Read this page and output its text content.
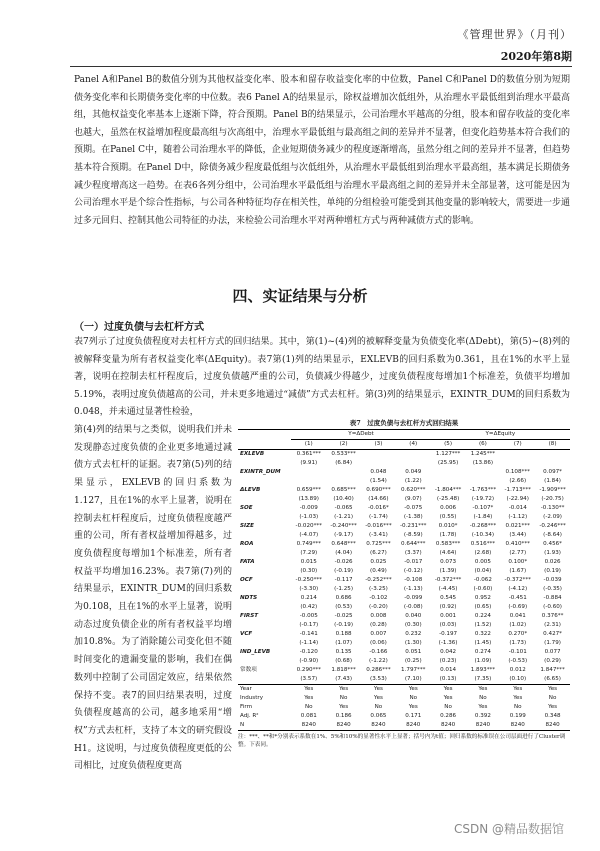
《管理世界》（月刊）
2020年第8期
Panel A和Panel B的数值分别为其他权益变化率、股本和留存收益变化率的中位数，Panel C和Panel D的数值分别为短期债务变化率和长期债务变化率的中位数。表6 Panel A的结果显示，除权益增加次低组外，从治理水平最低组到治理水平最高组，其他权益变化率基本上逐渐下降，符合预期。Panel B的结果显示，公司治理水平越高的分组，股本和留存收益的变化率也越大，虽然在权益增加程度最高组与次高组中，治理水平最低组与最高组之间的差异并不显著，但变化趋势基本符合我们的预期。在Panel C中，随着公司治理水平的降低，企业短期债务减少的程度逐渐增高，虽然分组之间的差异并不显著，但趋势基本符合预期。在Panel D中，除债务减少程度最低组与次低组外，从治理水平最低组到治理水平最高组，基本满足长期债务减少程度增高这一趋势。在表6各列分组中，公司治理水平最低组与治理水平最高组之间的差异并未全部显著，这可能是因为公司治理水平是个综合性指标，与公司各种特征均存在相关性，单纯的分组检验可能受到其他变量的影响较大，需要进一步通过多元回归、控制其他公司特征的办法，来检验公司治理水平对两种增杠方式与两种减债方式的影响。
四、实证结果与分析
（一）过度负债与去杠杆方式
表7列示了过度负债程度对去杠杆方式的回归结果。其中，第(1)~(4)列的被解释变量为负债变化率(ΔDebt)，第(5)~(8)列的被解释变量为所有者权益变化率(ΔEquity)。表7第(1)列的结果显示，EXLEVB的回归系数为0.361，且在1%的水平上显著，说明在控制去杠杆程度后，过度负债越严重的公司，负债减少得越少，过度负债程度每增加1个标准差，负债平均增加5.19%，表明过度负债越高的公司，并未更多地通过“减债”方式去杠杆。第(3)列的结果显示，EXINTR_DUM的回归系数为0.048，并未通过显著性检验，
第(4)列的结果与之类似，说明我们并未发现静态过度负债的企业更多地通过减债方式去杠杆的证据。表7第(5)列的结果显示，EXLEVB的回归系数为1.127，且在1%的水平上显著，说明在控制去杠杆程度后，过度负债程度越严重的公司，所有者权益增加得越多，过度负债程度每增加1个标准差，所有者权益平均增加16.23%。表7第(7)列的结果显示，EXINTR_DUM的回归系数为0.108，且在1%的水平上显著，说明动态过度负债企业的所有者权益平均增加10.8%。为了消除随公司变化但不随时间变化的遗漏变量的影响，我们在偶数列中控制了公司固定效应，结果依然保持不变。表7的回归结果表明，过度负债程度越高的公司，越多地采用“增权”方式去杠杆，支持了本文的研究假设H1。这说明，与过度负债程度更低的公司相比，过度负债程度更高
表7　过度负债与去杠杆方式回归结果
	Y=ΔDebt				Y=ΔEquity			
	(1)	(2)	(3)	(4)	(5)	(6)	(7)	(8)
EXLEVB	0.361***	0.533***			1.127***	1.245***		
	(9.91)	(6.84)			(25.95)	(13.86)		
EXINTR_DUM			0.048	0.049			0.108***	0.097*
			(1.54)	(1.22)			(2.66)	(1.84)
ΔLEVB	0.659***	0.685***	0.690***	0.620***	-1.804***	-1.763***	-1.713***	-1.909***
	(13.89)	(10.40)	(14.66)	(9.07)	(-25.48)	(-19.72)	(-22.94)	(-20.75)
SOE	-0.009	-0.065	-0.016*	-0.075	0.006	-0.107*	-0.014	-0.130**
	(-1.03)	(-1.21)	(-1.74)	(-1.38)	(0.55)	(-1.84)	(-1.12)	(-2.09)
SIZE	-0.020***	-0.240***	-0.016***	-0.231***	0.010*	-0.268***	0.021***	-0.246***
	(-4.07)	(-9.17)	(-3.41)	(-8.59)	(1.78)	(-10.34)	(3.44)	(-8.64)
ROA	0.749***	0.648***	0.725***	0.644***	0.583***	0.516***	0.410***	0.456*
	(7.29)	(4.04)	(6.27)	(3.37)	(4.64)	(2.68)	(2.77)	(1.93)
FATA	0.015	-0.026	0.025	-0.017	0.073	0.005	0.100*	0.026
	(0.30)	(-0.19)	(0.49)	(-0.12)	(1.39)	(0.04)	(1.67)	(0.19)
OCF	-0.250***	-0.117	-0.252***	-0.108	-0.372***	-0.062	-0.372***	-0.039
	(-3.30)	(-1.25)	(-3.25)	(-1.13)	(-4.45)	(-0.60)	(-4.12)	(-0.35)
NDTS	0.214	0.686	-0.102	-0.099	0.545	0.952	-0.451	-0.884
	(0.42)	(0.53)	(-0.20)	(-0.08)	(0.92)	(0.65)	(-0.69)	(-0.60)
FIRST	-0.005	-0.025	0.008	0.040	0.001	0.224	0.041	0.376**
	(-0.17)	(-0.19)	(0.28)	(0.30)	(0.03)	(1.52)	(1.02)	(2.31)
VCF	-0.141	0.188	0.007	0.232	-0.197	0.322	0.270*	0.427*
	(-1.14)	(1.07)	(0.06)	(1.30)	(-1.36)	(1.45)	(1.73)	(1.79)
IND_LEVB	-0.120	0.135	-0.166	0.051	0.042	0.274	-0.101	0.077
	(-0.90)	(0.68)	(-1.22)	(0.25)	(0.23)	(1.09)	(-0.53)	(0.29)
常数项	0.290***	1.818***	0.286***	1.797***	0.014	1.893***	0.012	1.847***
	(3.57)	(7.43)	(3.53)	(7.10)	(0.13)	(7.35)	(0.10)	(6.65)
Year	Yes	Yes	Yes	Yes	Yes	Yes	Yes	Yes
Industry	Yes	No	Yes	No	Yes	No	Yes	No
Firm	No	Yes	No	Yes	No	Yes	No	Yes
Adj. R²	0.081	0.186	0.065	0.171	0.286	0.392	0.199	0.348
N	8240	8240	8240	8240	8240	8240	8240	8240
注：***、**和*分别表示系数在1%、5%和10%的显著性水平上显著；括号内为t值；回归系数的标准误在公司层面进行了Cluster调整。下表同。
CSDN @精品数据馆
